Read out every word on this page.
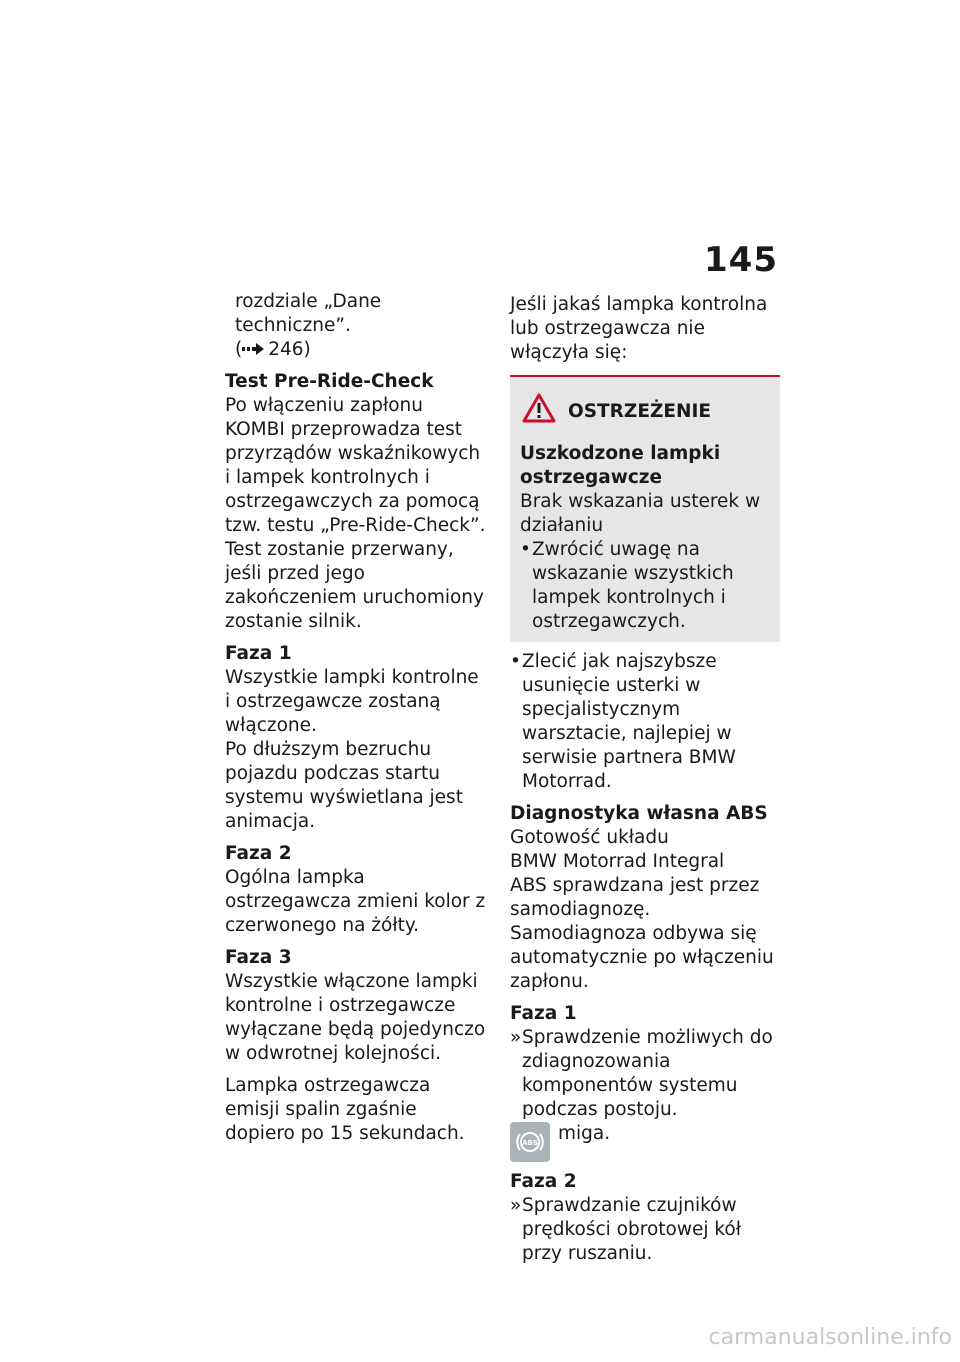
145

rozdziale „Dane techniczne”.

( 246)

Test Pre-Ride-Check

Po włączeniu zapłonu KOMBI przeprowadza test przyrządów wskaźnikowych i lampek kontrolnych i ostrzegawczych za pomocą tzw. testu „Pre-Ride-Check”. Test zostanie przerwany, jeśli przed jego zakończeniem uruchomiony zostanie silnik.

Faza 1

Wszystkie lampki kontrolne i ostrzegawcze zostaną włączone.

Po dłuższym bezruchu pojazdu podczas startu systemu wyświetlana jest animacja.

Faza 2

Ogólna lampka ostrzegawcza zmieni kolor z czerwonego na żółty.

Faza 3

Wszystkie włączone lampki kontrolne i ostrzegawcze wyłączane będą pojedynczo w odwrotnej kolejności.

Lampka ostrzegawcza emisji spalin zgaśnie dopiero po 15 sekundach.

Jeśli jakaś lampka kontrolna lub ostrzegawcza nie włączyła się:

OSTRZEŻENIE

Uszkodzone lampki ostrzegawcze

Brak wskazania usterek w działaniu

• Zwrócić uwagę na wskazanie wszystkich lampek kontrolnych i ostrzegawczych.
• Zlecić jak najszybsze usunięcie usterki w specjalistycznym warsztacie, najlepiej w serwisie partnera BMW Motorrad.

Diagnostyka własna ABS

Gotowość układu

BMW Motorrad Integral

ABS sprawdzana jest przez samodiagnozę. Samodiagnoza odbywa się automatycznie po włączeniu zapłonu.

Faza 1

» Sprawdzenie możliwych do zdiagnozowania komponentów systemu podczas postoju.
ABS miga.

Faza 2

» Sprawdzanie czujników prędkości obrotowej kół przy ruszaniu.
carmanualsonline.info
